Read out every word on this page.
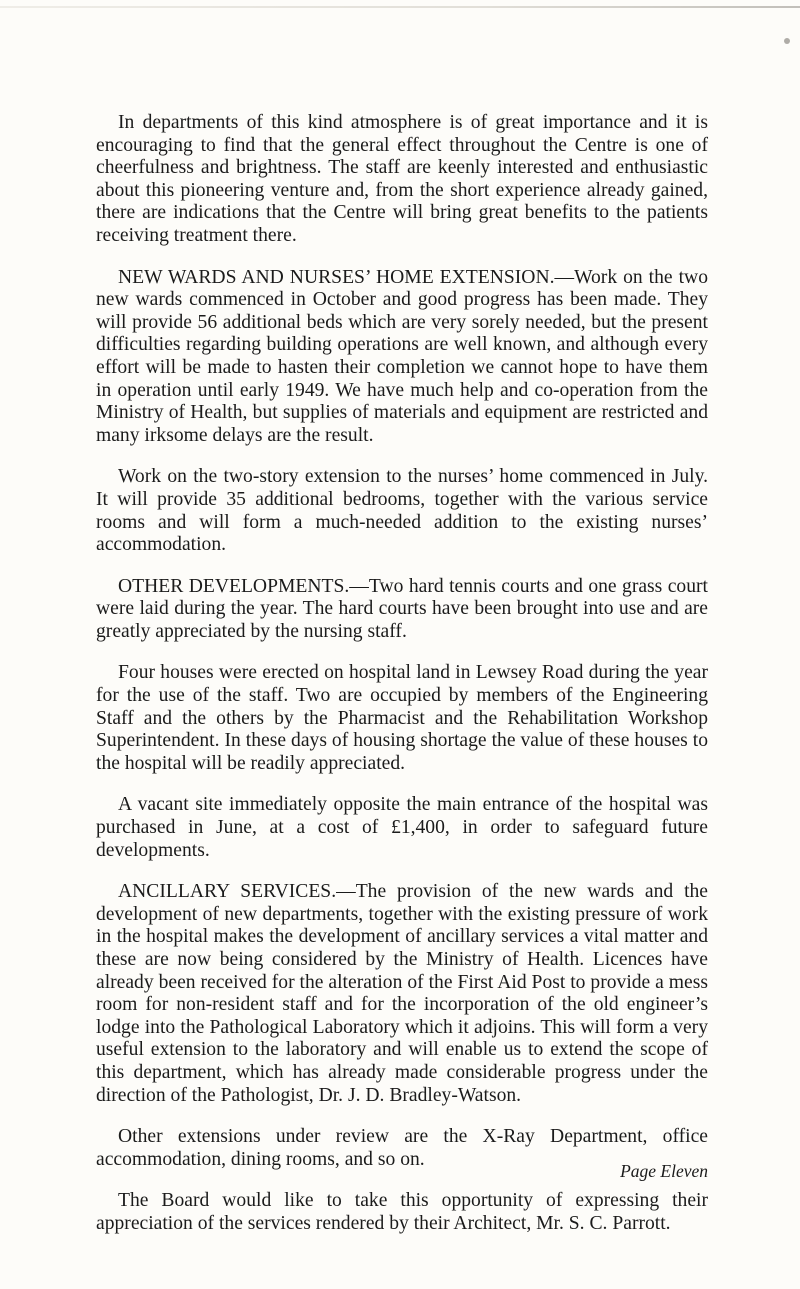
In departments of this kind atmosphere is of great importance and it is encouraging to find that the general effect throughout the Centre is one of cheerfulness and brightness. The staff are keenly interested and enthusiastic about this pioneering venture and, from the short experience already gained, there are indications that the Centre will bring great benefits to the patients receiving treatment there.

NEW WARDS AND NURSES’ HOME EXTENSION.—Work on the two new wards commenced in October and good progress has been made. They will provide 56 additional beds which are very sorely needed, but the present difficulties regarding building operations are well known, and although every effort will be made to hasten their completion we cannot hope to have them in operation until early 1949. We have much help and co-operation from the Ministry of Health, but supplies of materials and equipment are restricted and many irksome delays are the result.

Work on the two-story extension to the nurses’ home commenced in July. It will provide 35 additional bedrooms, together with the various service rooms and will form a much-needed addition to the existing nurses’ accommodation.

OTHER DEVELOPMENTS.—Two hard tennis courts and one grass court were laid during the year. The hard courts have been brought into use and are greatly appreciated by the nursing staff.

Four houses were erected on hospital land in Lewsey Road during the year for the use of the staff. Two are occupied by members of the Engineering Staff and the others by the Pharmacist and the Rehabilitation Workshop Superintendent. In these days of housing shortage the value of these houses to the hospital will be readily appreciated.

A vacant site immediately opposite the main entrance of the hospital was purchased in June, at a cost of £1,400, in order to safeguard future developments.

ANCILLARY SERVICES.—The provision of the new wards and the development of new departments, together with the existing pressure of work in the hospital makes the development of ancillary services a vital matter and these are now being considered by the Ministry of Health. Licences have already been received for the alteration of the First Aid Post to provide a mess room for non-resident staff and for the incorporation of the old engineer’s lodge into the Pathological Laboratory which it adjoins. This will form a very useful extension to the laboratory and will enable us to extend the scope of this department, which has already made considerable progress under the direction of the Pathologist, Dr. J. D. Bradley-Watson.

Other extensions under review are the X-Ray Department, office accommodation, dining rooms, and so on.

The Board would like to take this opportunity of expressing their appreciation of the services rendered by their Architect, Mr. S. C. Parrott.

Page Eleven
